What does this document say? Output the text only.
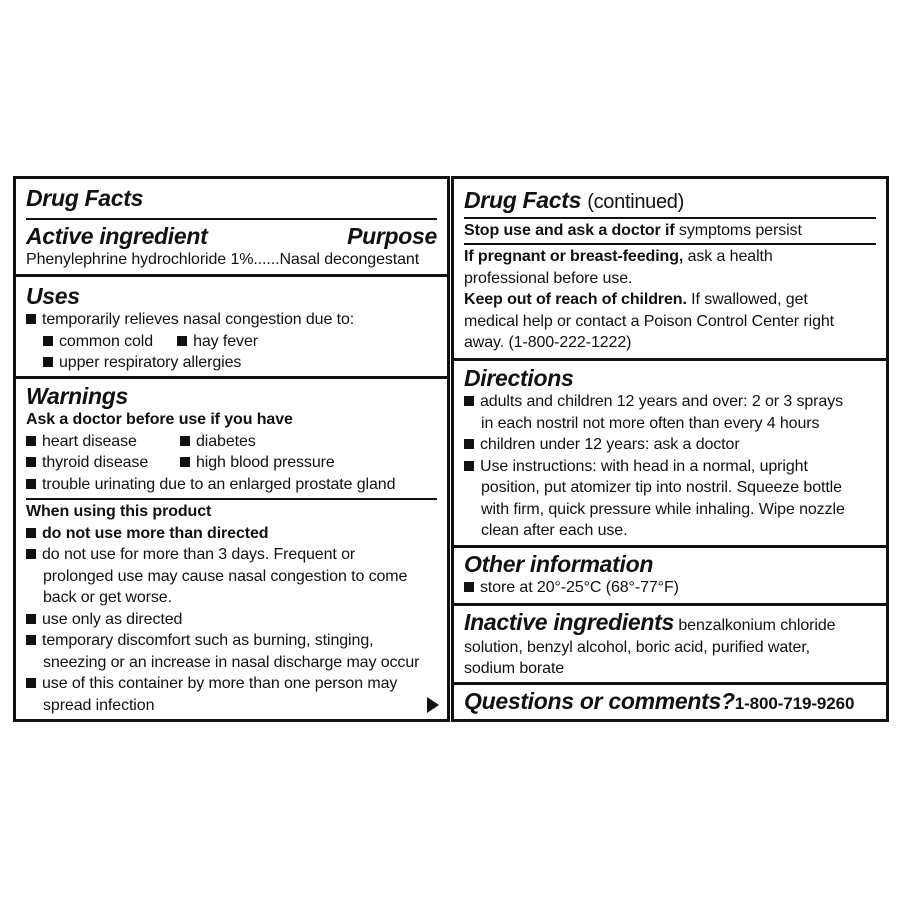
Drug Facts
Active ingredient	Purpose
Phenylephrine hydrochloride 1%......Nasal decongestant
Uses
temporarily relieves nasal congestion due to:
common cold	hay fever
upper respiratory allergies
Warnings
Ask a doctor before use if you have
heart disease	diabetes
thyroid disease	high blood pressure
trouble urinating due to an enlarged prostate gland
When using this product
do not use more than directed
do not use for more than 3 days. Frequent or
prolonged use may cause nasal congestion to come
back or get worse.
use only as directed
temporary discomfort such as burning, stinging,
sneezing or an increase in nasal discharge may occur
use of this container by more than one person may
spread infection
Drug Facts (continued)
Stop use and ask a doctor if symptoms persist
If pregnant or breast-feeding, ask a health
professional before use.
Keep out of reach of children. If swallowed, get
medical help or contact a Poison Control Center right
away. (1-800-222-1222)
Directions
adults and children 12 years and over: 2 or 3 sprays
in each nostril not more often than every 4 hours
children under 12 years: ask a doctor
Use instructions: with head in a normal, upright
position, put atomizer tip into nostril. Squeeze bottle
with firm, quick pressure while inhaling. Wipe nozzle
clean after each use.
Other information
store at 20°-25°C (68°-77°F)
Inactive ingredients benzalkonium chloride
solution, benzyl alcohol, boric acid, purified water,
sodium borate
Questions or comments?1-800-719-9260
